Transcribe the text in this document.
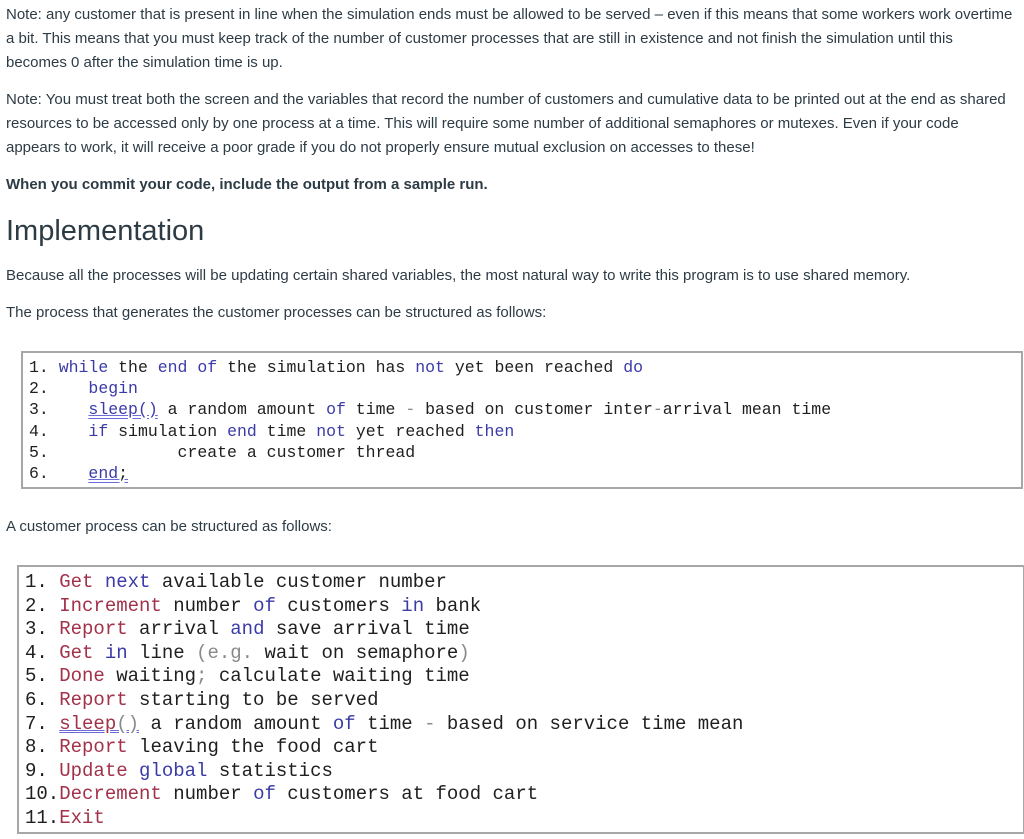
Note: any customer that is present in line when the simulation ends must be allowed to be served – even if this means that some workers work overtime a bit. This means that you must keep track of the number of customer processes that are still in existence and not finish the simulation until this becomes 0 after the simulation time is up.

Note: You must treat both the screen and the variables that record the number of customers and cumulative data to be printed out at the end as shared resources to be accessed only by one process at a time. This will require some number of additional semaphores or mutexes. Even if your code appears to work, it will receive a poor grade if you do not properly ensure mutual exclusion on accesses to these!

When you commit your code, include the output from a sample run.

Implementation

Because all the processes will be updating certain shared variables, the most natural way to write this program is to use shared memory.

The process that generates the customer processes can be structured as follows:

1. while the end of the simulation has not yet been reached do
2. begin
3. sleep() a random amount of time - based on customer inter-arrival mean time
4. if simulation end time not yet reached then
5.	create a customer thread
6. end;

A customer process can be structured as follows:

1. Get next available customer number
2. Increment number of customers in bank
3. Report arrival and save arrival time
4. Get in line (e.g. wait on semaphore)
5. Done waiting; calculate waiting time
6. Report starting to be served
7. sleep() a random amount of time - based on service time mean
8. Report leaving the food cart
9. Update global statistics
10.Decrement number of customers at food cart
11.Exit
